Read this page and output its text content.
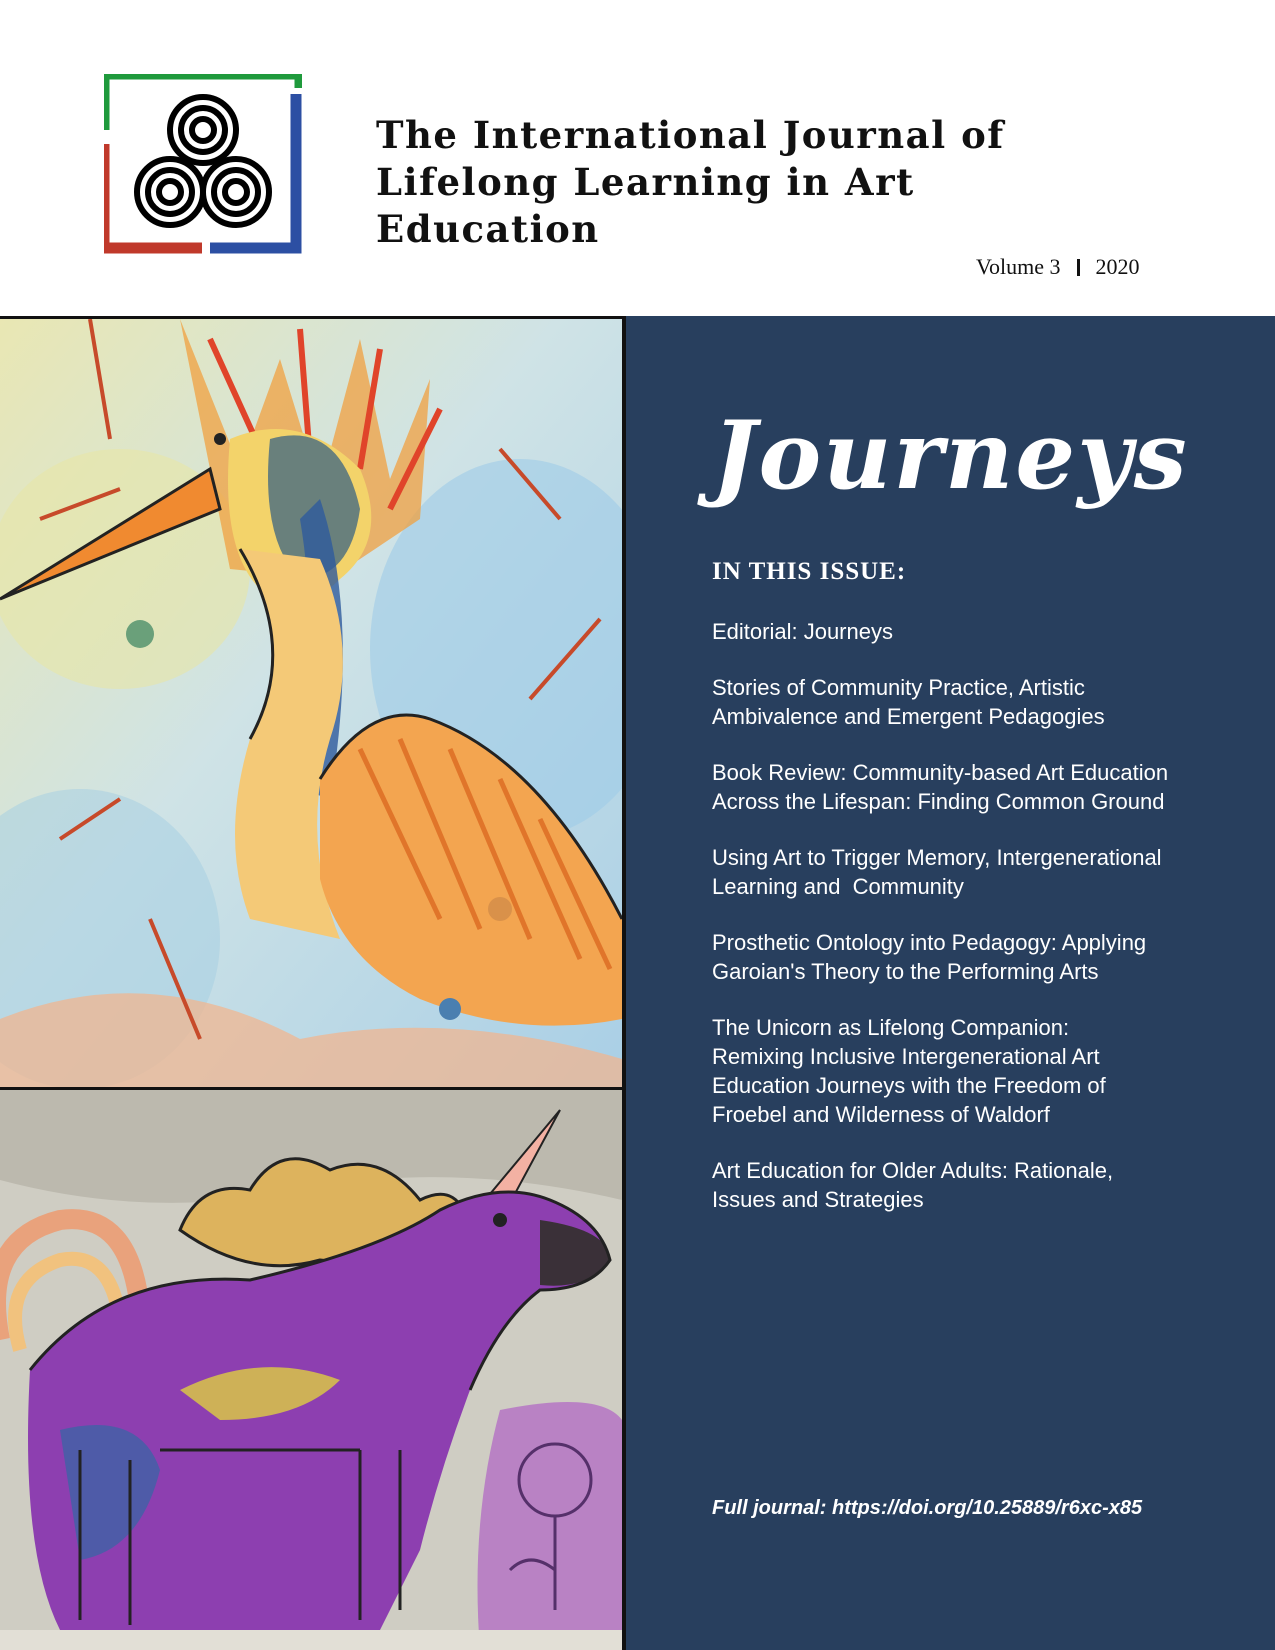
The International Journal of
Lifelong Learning in Art
Education

Volume 3 2020

Journeys
IN THIS ISSUE:
Editorial: Journeys
Stories of Community Practice, Artistic
Ambivalence and Emergent Pedagogies
Book Review: Community-based Art Education
Across the Lifespan: Finding Common Ground
Using Art to Trigger Memory, Intergenerational
Learning and  Community
Prosthetic Ontology into Pedagogy: Applying
Garoian's Theory to the Performing Arts
The Unicorn as Lifelong Companion:
Remixing Inclusive Intergenerational Art
Education Journeys with the Freedom of
Froebel and Wilderness of Waldorf
Art Education for Older Adults: Rationale,
Issues and Strategies

Full journal: https://doi.org/10.25889/r6xc-x85
